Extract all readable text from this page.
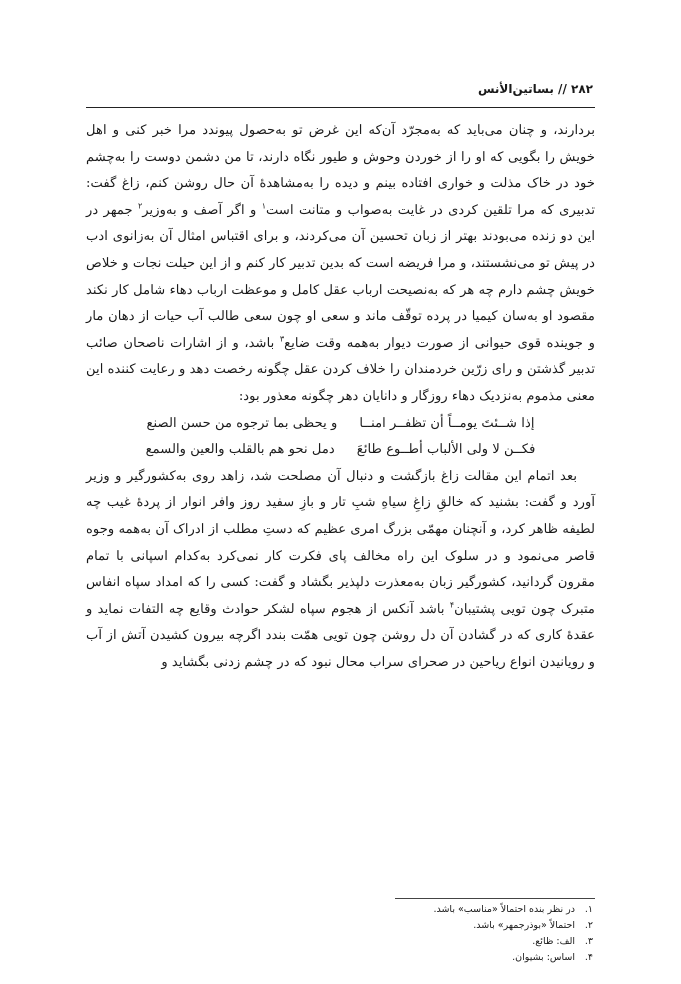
۲۸۲ // بساتین‌الأنس

بردارند، و چنان می‌باید که به‌مجرّد آن‌که این غرض تو به‌حصول پیوندد مرا خبر کنی و اهل خویش را بگویی که او را از خوردن وحوش و طیور نگاه دارند، تا من دشمن دوست را به‌چشم خود در خاک مذلت و خواری افتاده بینم و دیده را به‌مشاهدهٔ آن حال روشن کنم، زاغ گفت: تدبیری که مرا تلقین کردی در غایت به‌صواب و متانت است$^۱$ و اگر آصف و به‌وزیر$^۲$ جمهر در این دو زنده می‌بودند بهتر از زبان تحسین آن می‌کردند، و برای اقتباس امثال آن به‌زانوی ادب در پیش تو می‌نشستند، و مرا فریضه است که بدین تدبیر کار کنم و از این حیلت نجات و خلاص خویش چشم دارم چه هر که به‌نصیحت ارباب عقل کامل و موعظت ارباب دهاء شامل کار نکند مقصود او به‌سان کیمیا در پرده توقّف ماند و سعی او چون سعی طالب آب حیات از دهان مار و جوینده قوی حیوانی از صورت دیوار به‌همه وقت ضایع$^۳$ باشد، و از اشارات ناصحان صائب تدبیر گذشتن و رای زرّین خردمندان را خلاف کردن عقل چگونه رخصت دهد و رعایت کننده این معنی مذموم به‌نزدیک دهاء روزگار و دانایان دهر چگونه معذور بود:

إذا شــئتَ یومــاً أن تظفــر امنــا
و یحظی بما ترجوه من حسن الصنع
فکــن لا ولی الألباب أطــوع طائعَ
دمل نحو هم بالقلب والعین والسمع

بعد اتمام این مقالت زاغ بازگشت و دنبال آن مصلحت شد، زاهد روی به‌کشورگیر و وزیر آورد و گفت: بشنید که خالقِ زاغِ سیاهِ شبِ تار و بازِ سفید روز وافر انوار از پردهٔ غیب چه لطیفه ظاهر کرد، و آنچنان مهمّی بزرگ امری عظیم که دستِ مطلب از ادراک آن به‌همه وجوه قاصر می‌نمود و در سلوک این راه مخالف پای فکرت کار نمی‌کرد به‌کدام اسپانی با تمام مقرون گردانید، کشورگیر زبان به‌معذرت دلپذیر بگشاد و گفت: کسی را که امداد سپاه انفاس متبرک چون تویی پشتیبان$^۴$ باشد آنکس از هجوم سپاه لشکر حوادث وقایع چه التفات نماید و عقدهٔ کاری که در گشادن آن دل روشن چون تویی همّت بندد اگرچه بیرون کشیدن آتش از آب و رویانیدن انواع ریاحین در صحرای سراب محال نبود که در چشم زدنی بگشاید و

۱.
در نظر بنده احتمالاً «مناسب» باشد.
۲.
احتمالاً «بوذرجمهر» باشد.
۳.
الف: ظائع.
۴.
اساس: بشیوان.
